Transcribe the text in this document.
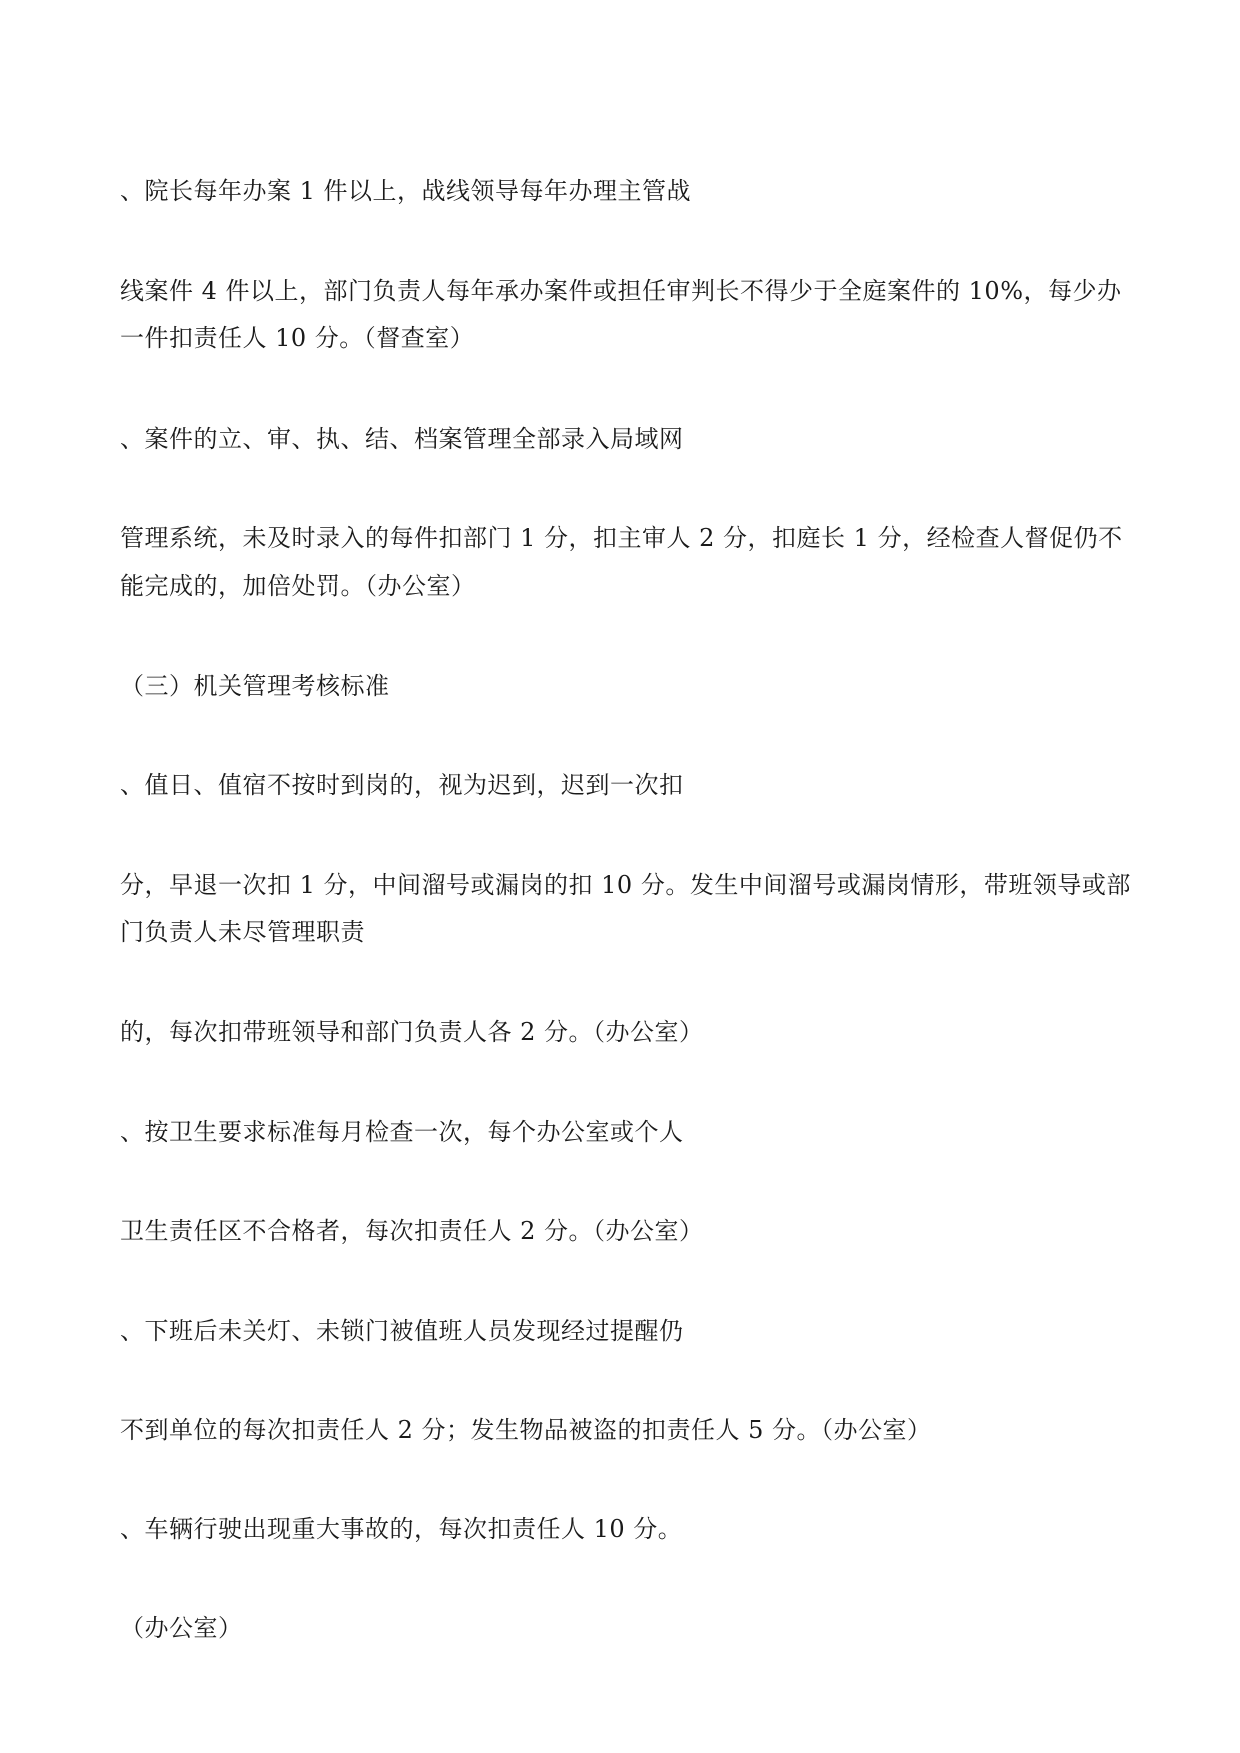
、院长每年办案 1 件以上，战线领导每年办理主管战
线案件 4 件以上，部门负责人每年承办案件或担任审判长不得少于全庭案件的 10%，每少办
一件扣责任人 10 分。（督查室）
、案件的立、审、执、结、档案管理全部录入局域网
管理系统，未及时录入的每件扣部门 1 分，扣主审人 2 分，扣庭长 1 分，经检查人督促仍不
能完成的，加倍处罚。（办公室）
（三）机关管理考核标准
、值日、值宿不按时到岗的，视为迟到，迟到一次扣
分，早退一次扣 1 分，中间溜号或漏岗的扣 10 分。发生中间溜号或漏岗情形，带班领导或部
门负责人未尽管理职责
的，每次扣带班领导和部门负责人各 2 分。（办公室）
、按卫生要求标准每月检查一次，每个办公室或个人
卫生责任区不合格者，每次扣责任人 2 分。（办公室）
、下班后未关灯、未锁门被值班人员发现经过提醒仍
不到单位的每次扣责任人 2 分；发生物品被盗的扣责任人 5 分。（办公室）
、车辆行驶出现重大事故的，每次扣责任人 10 分。
（办公室）
